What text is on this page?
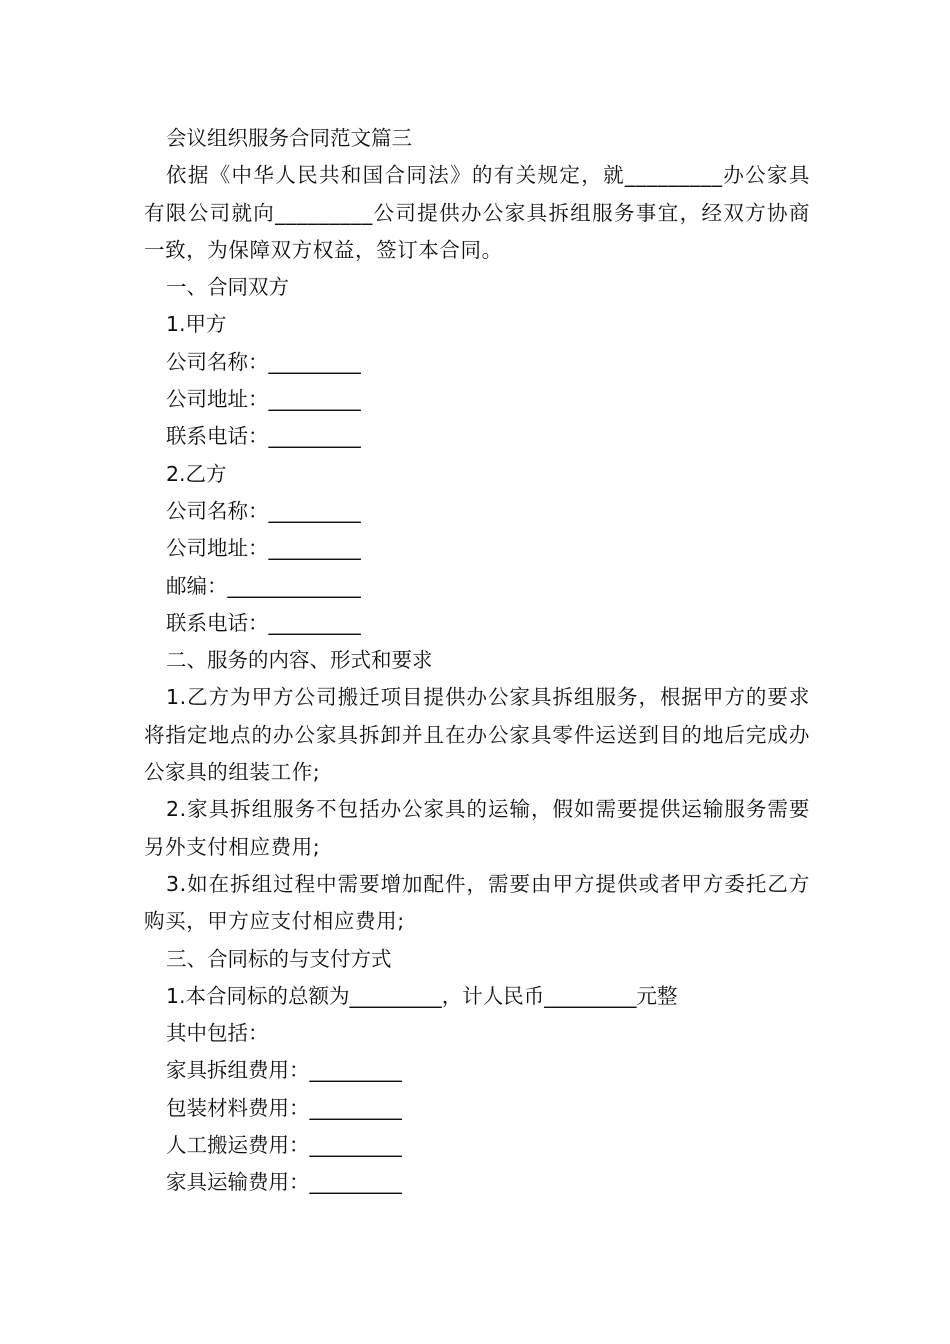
会议组织服务合同范文篇三

依据《中华人民共和国合同法》的有关规定，就_________办公家具有限公司就向_________公司提供办公家具拆组服务事宜，经双方协商一致，为保障双方权益，签订本合同。

一、合同双方

1.甲方

公司名称：_________

公司地址：_________

联系电话：_________

2.乙方

公司名称：_________

公司地址：_________

邮编：_____________

联系电话：_________

二、服务的内容、形式和要求

1.乙方为甲方公司搬迁项目提供办公家具拆组服务，根据甲方的要求将指定地点的办公家具拆卸并且在办公家具零件运送到目的地后完成办公家具的组装工作;

2.家具拆组服务不包括办公家具的运输，假如需要提供运输服务需要另外支付相应费用;

3.如在拆组过程中需要增加配件，需要由甲方提供或者甲方委托乙方购买，甲方应支付相应费用;

三、合同标的与支付方式

1.本合同标的总额为_________，计人民币_________元整

其中包括：

家具拆组费用：_________

包装材料费用：_________

人工搬运费用：_________

家具运输费用：_________
